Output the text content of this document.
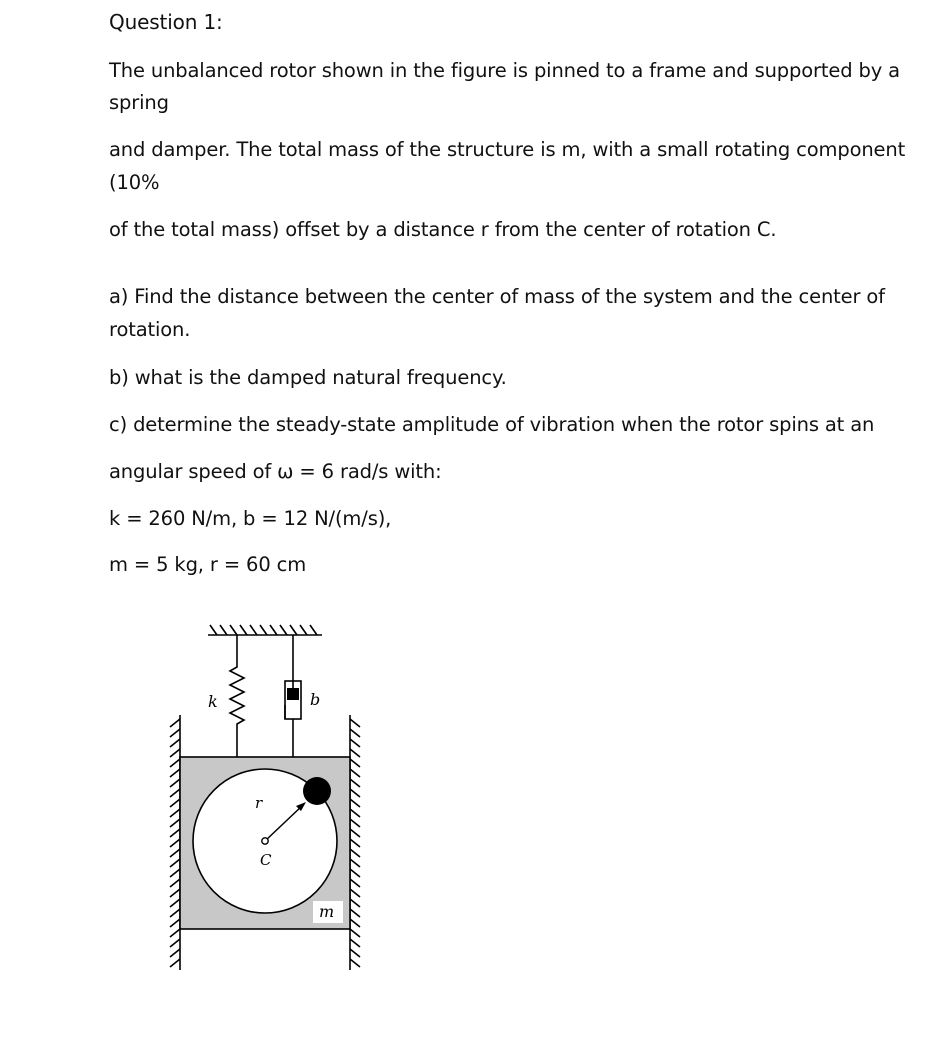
Question 1:
The unbalanced rotor shown in the figure is pinned to a frame and supported by a
spring
and damper. The total mass of the structure is m, with a small rotating component
(10%
of the total mass) offset by a distance r from the center of rotation C.
a) Find the distance between the center of mass of the system and the center of
rotation.
b) what is the damped natural frequency.
c) determine the steady-state amplitude of vibration when the rotor spins at an
angular speed of ω = 6 rad/s with:
k = 260 N/m, b = 12 N/(m/s),
m = 5 kg, r = 60 cm
k	b
r
C
m
